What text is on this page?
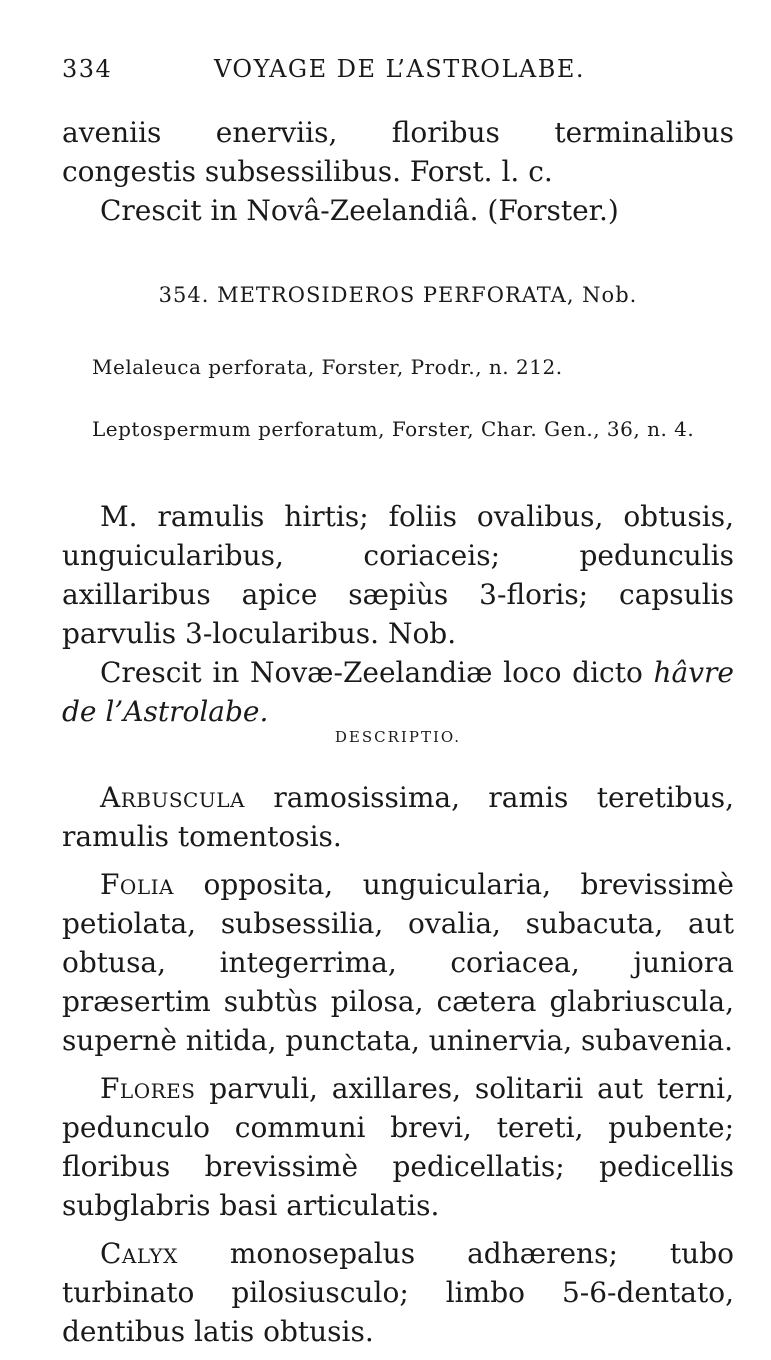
334	VOYAGE DE L’ASTROLABE.

aveniis enerviis, floribus terminalibus congestis subsessilibus. Forst. l. c.

Crescit in Novâ-Zeelandiâ. (Forster.)

354. METROSIDEROS PERFORATA, Nob.
Melaleuca perforata, Forster, Prodr., n. 212.
Leptospermum perforatum, Forster, Char. Gen., 36, n. 4.

M. ramulis hirtis; foliis ovalibus, obtusis, unguicularibus, coriaceis; pedunculis axillaribus apice sæpiùs 3-floris; capsulis parvulis 3-locularibus. Nob.

Crescit in Novæ-Zeelandiæ loco dicto hâvre de l’Astrolabe.

DESCRIPTIO.

Arbuscula ramosissima, ramis teretibus, ramulis tomentosis.

Folia opposita, unguicularia, brevissimè petiolata, subsessilia, ovalia, subacuta, aut obtusa, integerrima, coriacea, juniora præsertim subtùs pilosa, cætera glabriuscula, supernè nitida, punctata, uninervia, subavenia.

Flores parvuli, axillares, solitarii aut terni, pedunculo communi brevi, tereti, pubente; floribus brevissimè pedicellatis; pedicellis subglabris basi articulatis.

Calyx monosepalus adhærens; tubo turbinato pilosiusculo; limbo 5-6-dentato, dentibus latis obtusis.
